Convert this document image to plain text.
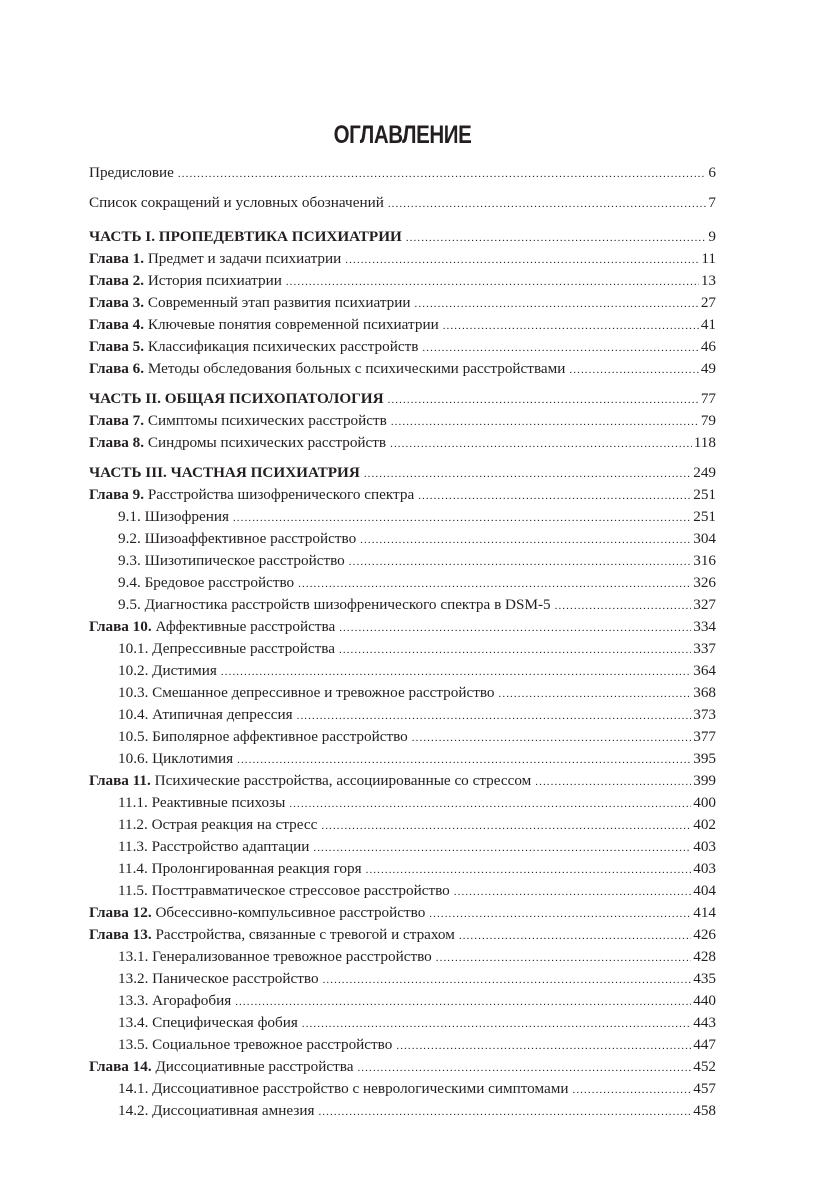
ОГЛАВЛЕНИЕ
Предисловие .....	6
Список сокращений и условных обозначений .....	7
ЧАСТЬ I. ПРОПЕДЕВТИКА ПСИХИАТРИИ .....	9
Глава 1. Предмет и задачи психиатрии .....	11
Глава 2. История психиатрии .....	13
Глава 3. Современный этап развития психиатрии .....	27
Глава 4. Ключевые понятия современной психиатрии .....	41
Глава 5. Классификация психических расстройств .....	46
Глава 6. Методы обследования больных с психическими расстройствами .....	49
ЧАСТЬ II. ОБЩАЯ ПСИХОПАТОЛОГИЯ .....	77
Глава 7. Симптомы психических расстройств .....	79
Глава 8. Синдромы психических расстройств .....	118
ЧАСТЬ III. ЧАСТНАЯ ПСИХИАТРИЯ .....	249
Глава 9. Расстройства шизофренического спектра .....	251
9.1. Шизофрения .....	251
9.2. Шизоаффективное расстройство .....	304
9.3. Шизотипическое расстройство .....	316
9.4. Бредовое расстройство .....	326
9.5. Диагностика расстройств шизофренического спектра в DSM-5 .....	327
Глава 10. Аффективные расстройства .....	334
10.1. Депрессивные расстройства .....	337
10.2. Дистимия .....	364
10.3. Смешанное депрессивное и тревожное расстройство .....	368
10.4. Атипичная депрессия .....	373
10.5. Биполярное аффективное расстройство .....	377
10.6. Циклотимия .....	395
Глава 11. Психические расстройства, ассоциированные со стрессом .....	399
11.1. Реактивные психозы .....	400
11.2. Острая реакция на стресс .....	402
11.3. Расстройство адаптации .....	403
11.4. Пролонгированная реакция горя .....	403
11.5. Посттравматическое стрессовое расстройство .....	404
Глава 12. Обсессивно-компульсивное расстройство .....	414
Глава 13. Расстройства, связанные с тревогой и страхом .....	426
13.1. Генерализованное тревожное расстройство .....	428
13.2. Паническое расстройство .....	435
13.3. Агорафобия .....	440
13.4. Специфическая фобия .....	443
13.5. Социальное тревожное расстройство .....	447
Глава 14. Диссоциативные расстройства .....	452
14.1. Диссоциативное расстройство с неврологическими симптомами .....	457
14.2. Диссоциативная амнезия .....	458
